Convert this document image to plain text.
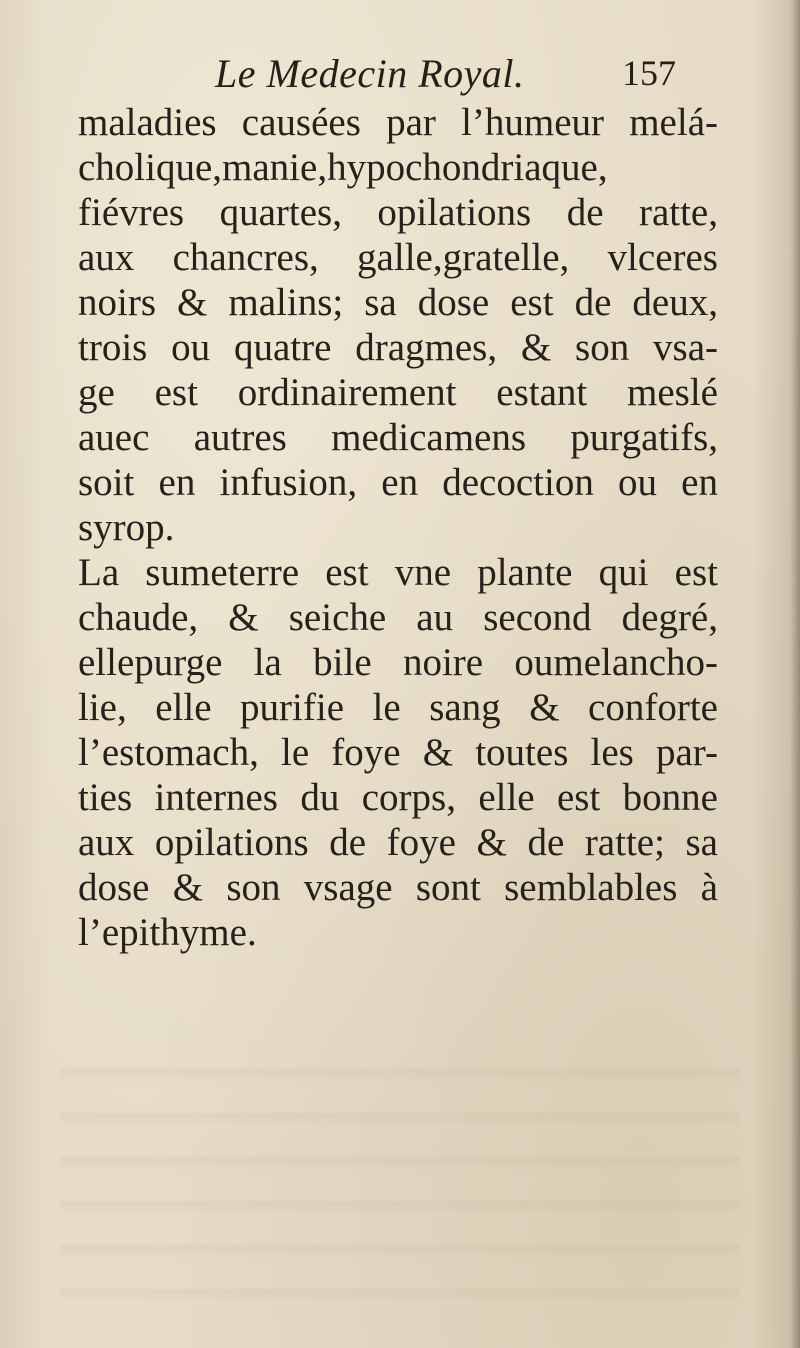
Le Medecin Royal.	157
maladies causées par l’humeur melá-
cholique,manie,hypochondriaque,
fiévres quartes, opilations de ratte,
aux chancres, galle,gratelle, vlceres
noirs & malins; sa dose est de deux,
trois ou quatre dragmes, & son vsa-
ge est ordinairement estant meslé
auec autres medicamens purgatifs,
soit en infusion, en decoction ou en
syrop.
La sumeterre est vne plante qui est
chaude, & seiche au second degré,
ellepurge la bile noire oumelancho-
lie, elle purifie le sang & conforte
l’estomach, le foye & toutes les par-
ties internes du corps, elle est bonne
aux opilations de foye & de ratte; sa
dose & son vsage sont semblables à
l’epithyme.
